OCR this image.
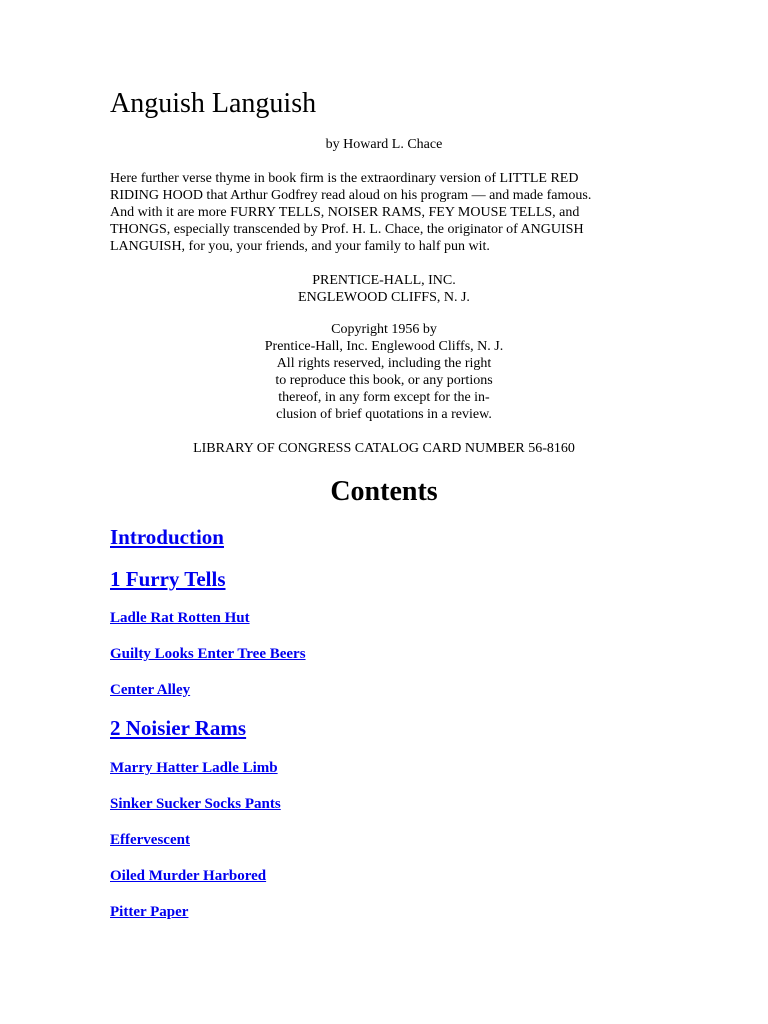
Anguish Languish
by Howard L. Chace
Here further verse thyme in book firm is the extraordinary version of LITTLE RED
RIDING HOOD that Arthur Godfrey read aloud on his program — and made famous.
And with it are more FURRY TELLS, NOISER RAMS, FEY MOUSE TELLS, and
THONGS, especially transcended by Prof. H. L. Chace, the originator of ANGUISH
LANGUISH, for you, your friends, and your family to half pun wit.
PRENTICE-HALL, INC.
ENGLEWOOD CLIFFS, N. J.
Copyright 1956 by
Prentice-Hall, Inc. Englewood Cliffs, N. J.
All rights reserved, including the right
to reproduce this book, or any portions
thereof, in any form except for the in-
clusion of brief quotations in a review.
LIBRARY OF CONGRESS CATALOG CARD NUMBER 56-8160
Contents
Introduction
1 Furry Tells
Ladle Rat Rotten Hut
Guilty Looks Enter Tree Beers
Center Alley
2 Noisier Rams
Marry Hatter Ladle Limb
Sinker Sucker Socks Pants
Effervescent
Oiled Murder Harbored
Pitter Paper
